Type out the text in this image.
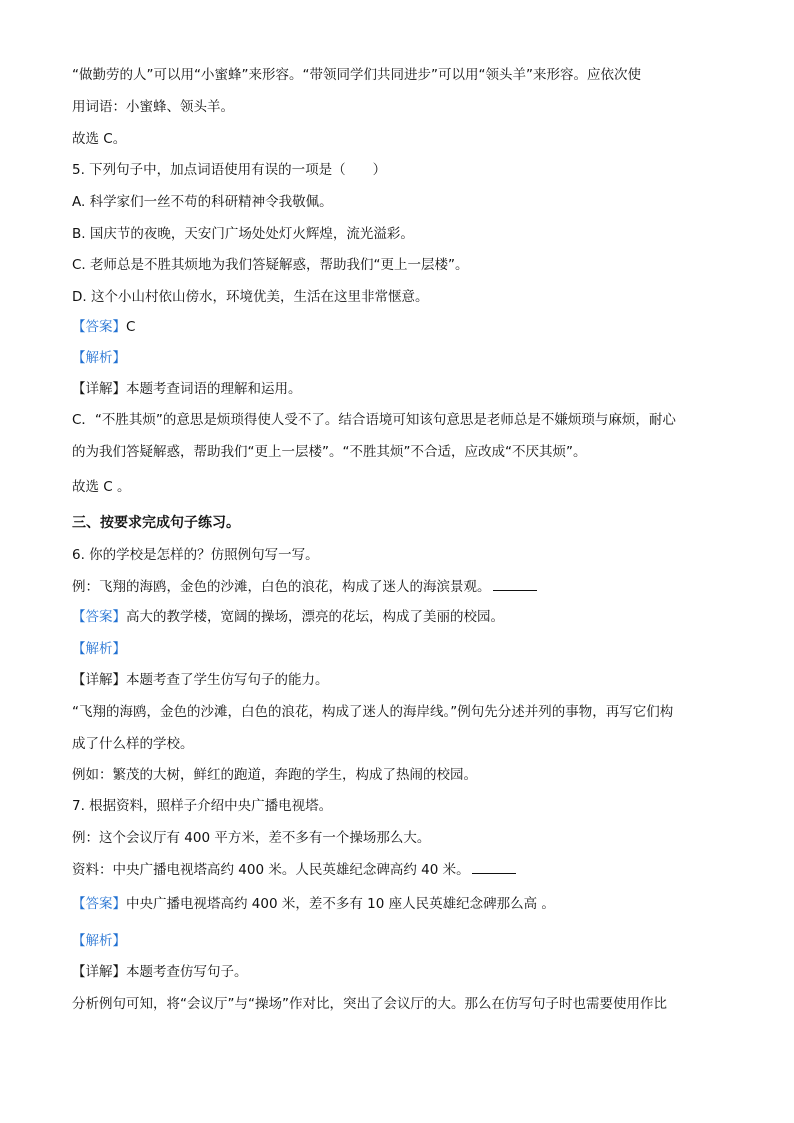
“做勤劳的人”可以用“小蜜蜂”来形容。“带领同学们共同进步”可以用“领头羊”来形容。应依次使
用词语：小蜜蜂、领头羊。
故选 C。
5. 下列句子中，加点词语使用有误的一项是（　　）
A. 科学家们一丝不苟的科研精神令我敬佩。
B. 国庆节的夜晚，天安门广场处处灯火辉煌，流光溢彩。
C. 老师总是不胜其烦地为我们答疑解惑，帮助我们“更上一层楼”。
D. 这个小山村依山傍水，环境优美，生活在这里非常惬意。
【答案】C
【解析】
【详解】本题考查词语的理解和运用。
C．“不胜其烦”的意思是烦琐得使人受不了。结合语境可知该句意思是老师总是不嫌烦琐与麻烦，耐心
的为我们答疑解惑，帮助我们“更上一层楼”。“不胜其烦”不合适，应改成“不厌其烦”。
故选 C 。
三、按要求完成句子练习。
6. 你的学校是怎样的？仿照例句写一写。
例：飞翔的海鸥，金色的沙滩，白色的浪花，构成了迷人的海滨景观。
【答案】高大的教学楼，宽阔的操场，漂亮的花坛，构成了美丽的校园。
【解析】
【详解】本题考查了学生仿写句子的能力。
“飞翔的海鸥，金色的沙滩，白色的浪花，构成了迷人的海岸线。”例句先分述并列的事物，再写它们构
成了什么样的学校。
例如：繁茂的大树，鲜红的跑道，奔跑的学生，构成了热闹的校园。
7. 根据资料，照样子介绍中央广播电视塔。
例：这个会议厅有 400 平方米，差不多有一个操场那么大。
资料：中央广播电视塔高约 400 米。人民英雄纪念碑高约 40 米。
【答案】中央广播电视塔高约 400 米，差不多有 10 座人民英雄纪念碑那么高 。
【解析】
【详解】本题考查仿写句子。
分析例句可知，将“会议厅”与“操场”作对比，突出了会议厅的大。那么在仿写句子时也需要使用作比
